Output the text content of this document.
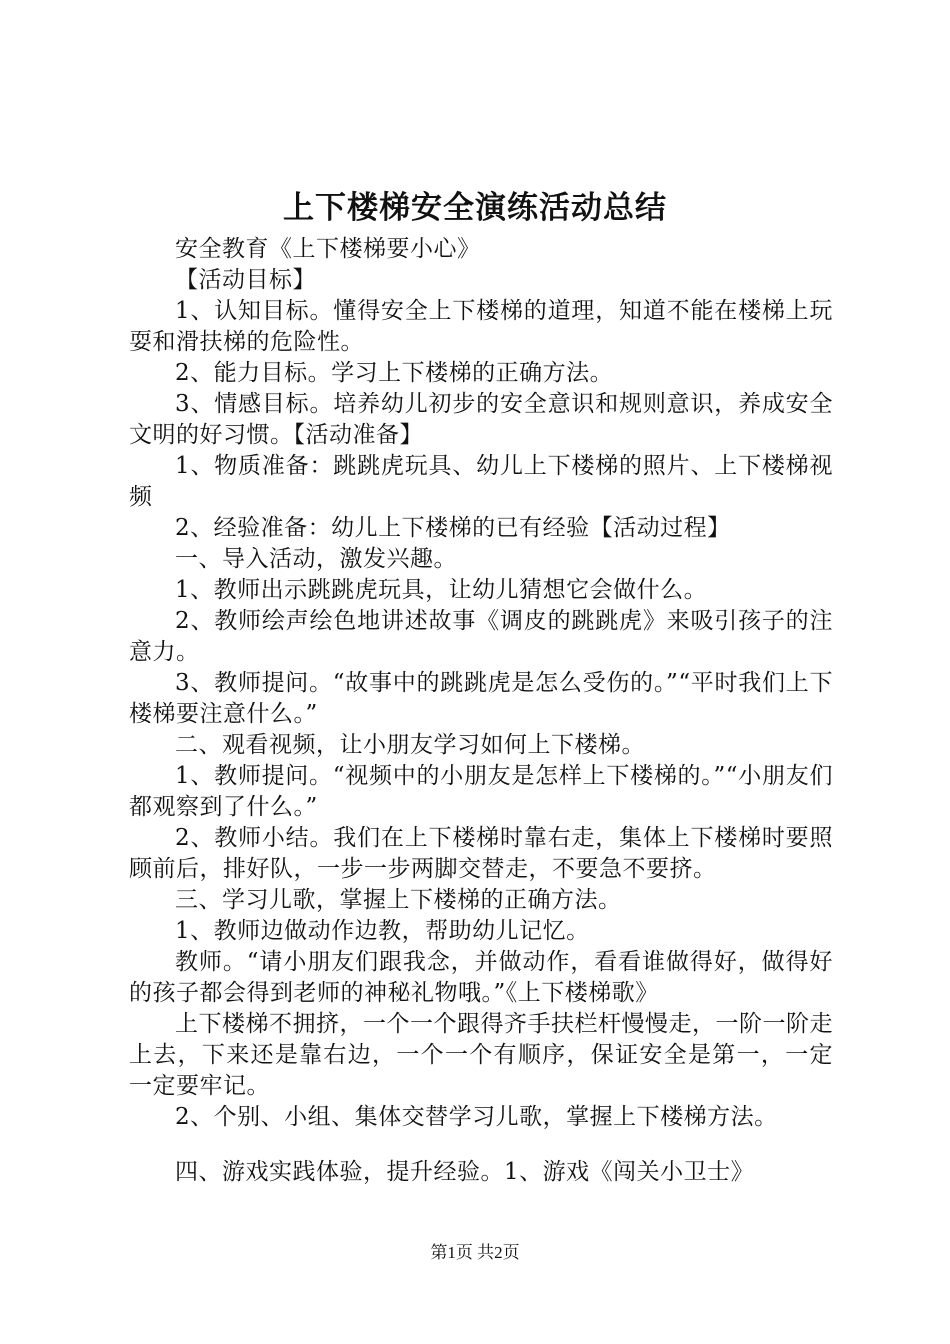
上下楼梯安全演练活动总结

安全教育《上下楼梯要小心》

【活动目标】

1、认知目标。懂得安全上下楼梯的道理，知道不能在楼梯上玩耍和滑扶梯的危险性。

2、能力目标。学习上下楼梯的正确方法。

3、情感目标。培养幼儿初步的安全意识和规则意识，养成安全文明的好习惯。【活动准备】

1、物质准备：跳跳虎玩具、幼儿上下楼梯的照片、上下楼梯视频

2、经验准备：幼儿上下楼梯的已有经验【活动过程】

一、导入活动，激发兴趣。

1、教师出示跳跳虎玩具，让幼儿猜想它会做什么。

2、教师绘声绘色地讲述故事《调皮的跳跳虎》来吸引孩子的注意力。

3、教师提问。“故事中的跳跳虎是怎么受伤的。”“平时我们上下楼梯要注意什么。”

二、观看视频，让小朋友学习如何上下楼梯。

1、教师提问。“视频中的小朋友是怎样上下楼梯的。”“小朋友们都观察到了什么。”

2、教师小结。我们在上下楼梯时靠右走，集体上下楼梯时要照顾前后，排好队，一步一步两脚交替走，不要急不要挤。

三、学习儿歌，掌握上下楼梯的正确方法。

1、教师边做动作边教，帮助幼儿记忆。

教师。“请小朋友们跟我念，并做动作，看看谁做得好，做得好的孩子都会得到老师的神秘礼物哦。”《上下楼梯歌》

上下楼梯不拥挤，一个一个跟得齐手扶栏杆慢慢走，一阶一阶走上去，下来还是靠右边，一个一个有顺序，保证安全是第一，一定一定要牢记。

2、个别、小组、集体交替学习儿歌，掌握上下楼梯方法。

四、游戏实践体验，提升经验。1、游戏《闯关小卫士》

第1页 共2页
